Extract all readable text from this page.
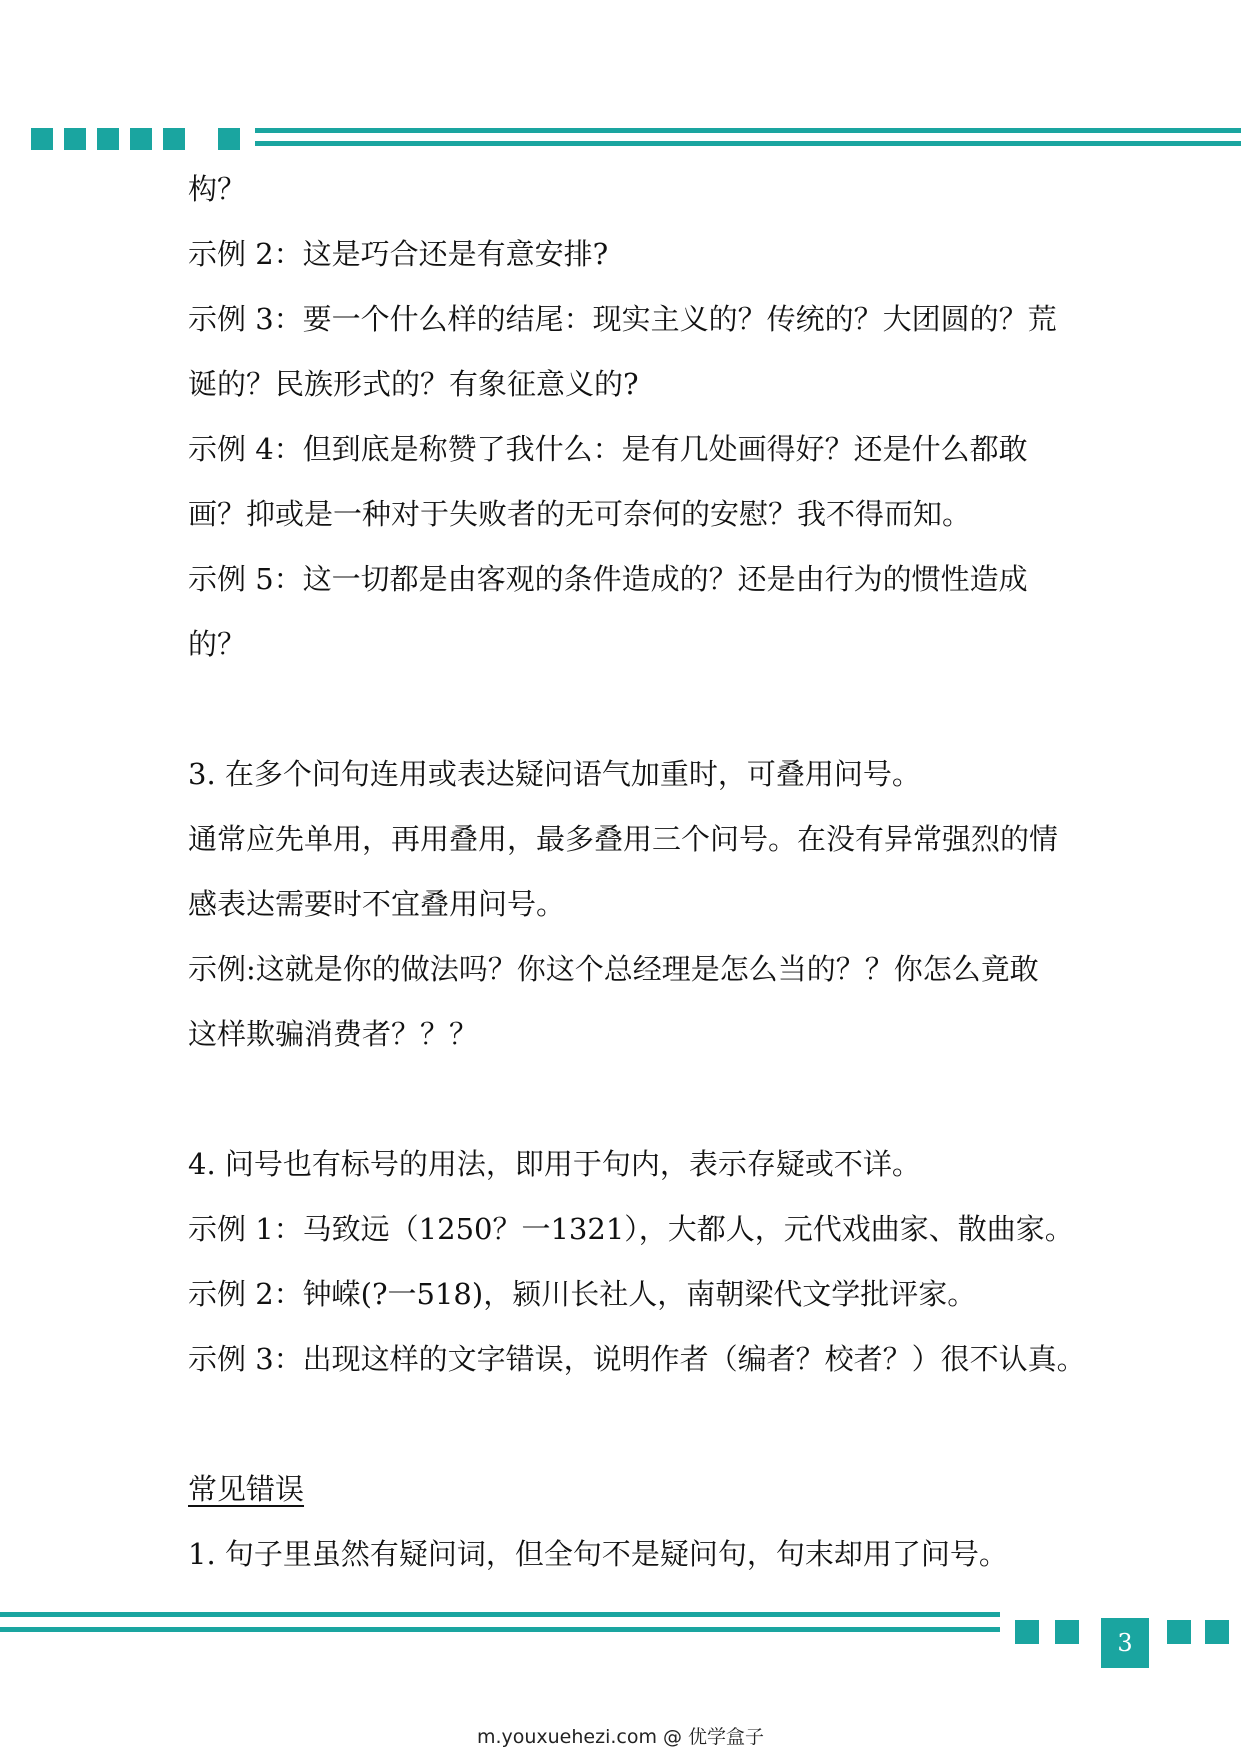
构？
示例 2：这是巧合还是有意安排?
示例 3：要一个什么样的结尾：现实主义的？传统的？大团圆的？荒
诞的？民族形式的？有象征意义的?
示例 4：但到底是称赞了我什么：是有几处画得好？还是什么都敢
画？抑或是一种对于失败者的无可奈何的安慰？我不得而知。
示例 5：这一切都是由客观的条件造成的？还是由行为的惯性造成
的？
3. 在多个问句连用或表达疑问语气加重时，可叠用问号。
通常应先单用，再用叠用，最多叠用三个问号。在没有异常强烈的情
感表达需要时不宜叠用问号。
示例:这就是你的做法吗？你这个总经理是怎么当的？？你怎么竟敢
这样欺骗消费者？？？
4. 问号也有标号的用法，即用于句内，表示存疑或不详。
示例 1：马致远（1250？一1321），大都人，元代戏曲家、散曲家。
示例 2：钟嵘(?一518)，颍川长社人，南朝梁代文学批评家。
示例 3：出现这样的文字错误，说明作者（编者？校者？）很不认真。
常见错误
1. 句子里虽然有疑问词，但全句不是疑问句，句末却用了问号。
3
m.youxuehezi.com @ 优学盒子
